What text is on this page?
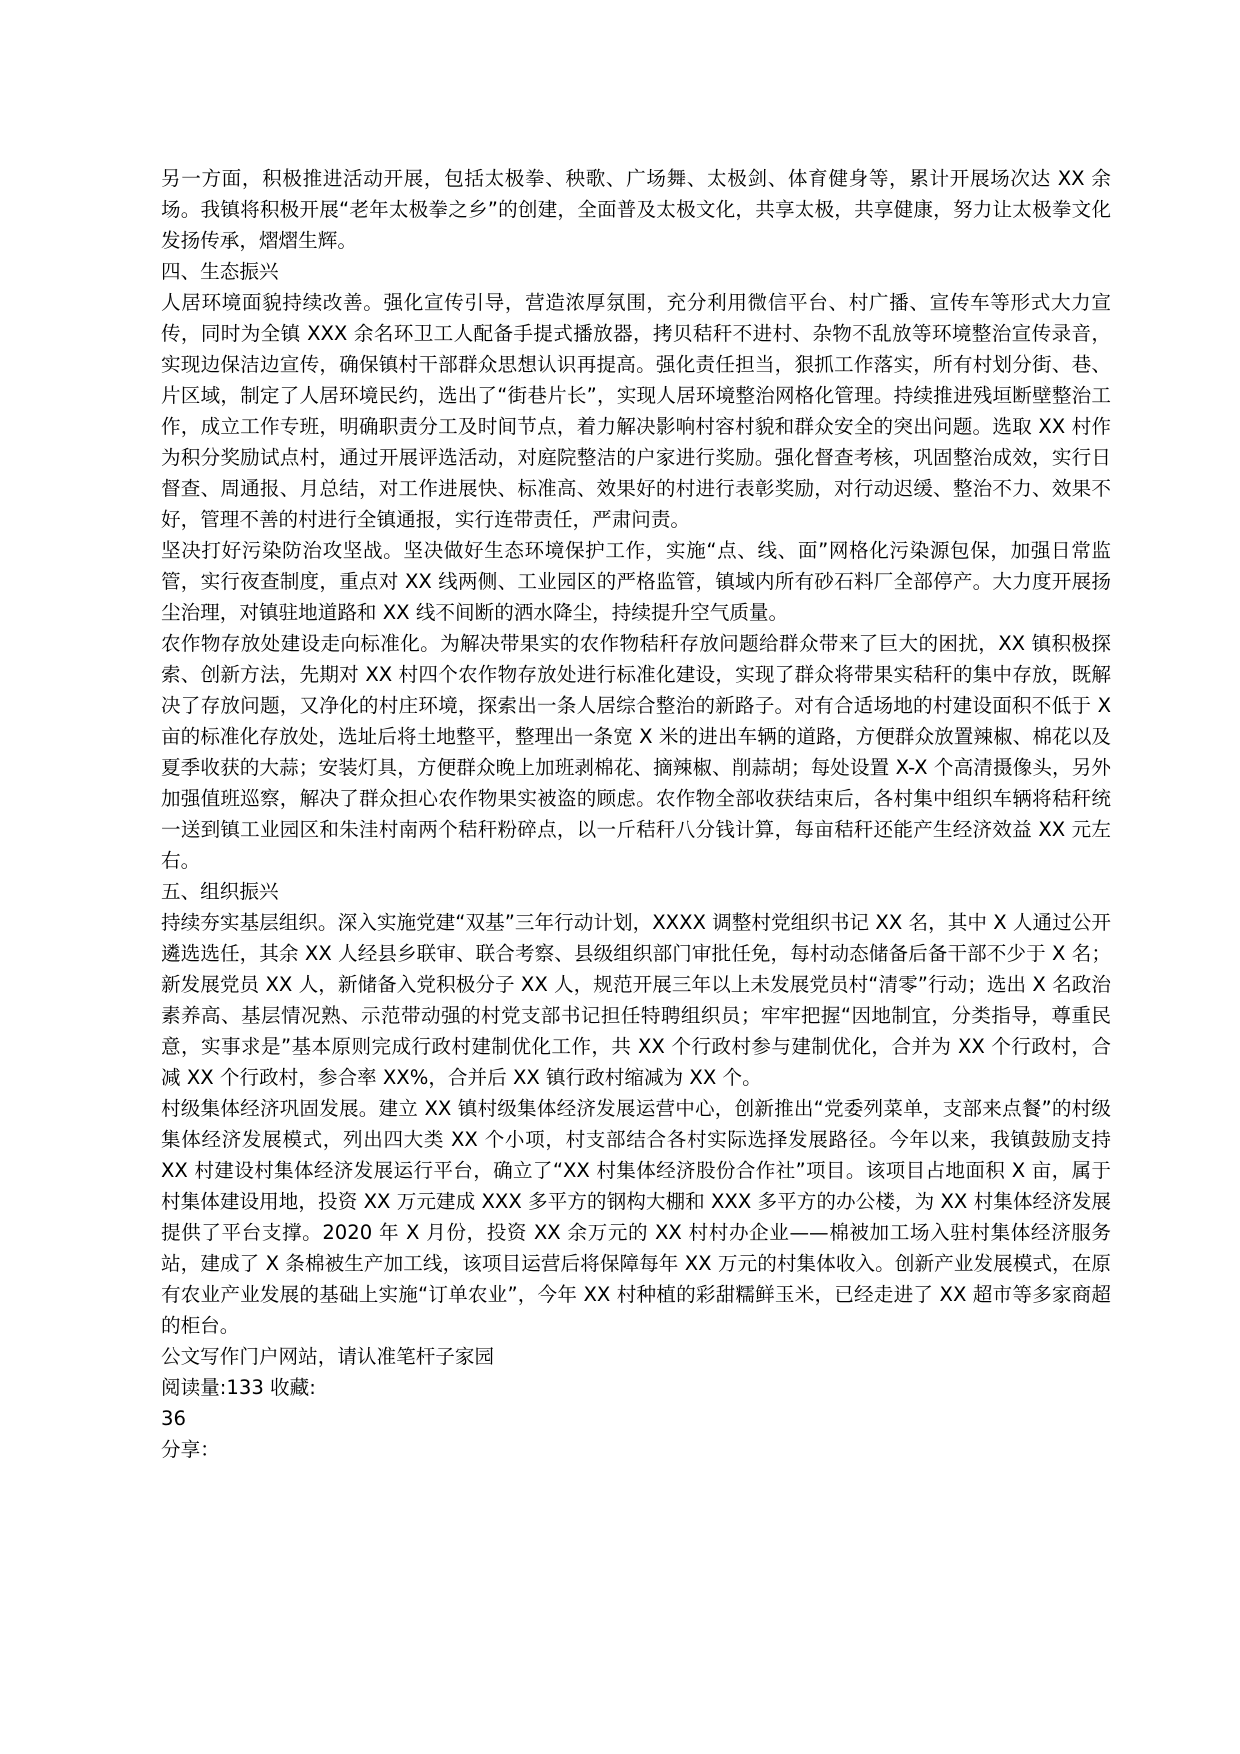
另一方面，积极推进活动开展，包括太极拳、秧歌、广场舞、太极剑、体育健身等，累计开展场次达 XX 余场。我镇将积极开展“老年太极拳之乡”的创建，全面普及太极文化，共享太极，共享健康，努力让太极拳文化发扬传承，熠熠生辉。

四、生态振兴

人居环境面貌持续改善。强化宣传引导，营造浓厚氛围，充分利用微信平台、村广播、宣传车等形式大力宣传，同时为全镇 XXX 余名环卫工人配备手提式播放器，拷贝秸秆不进村、杂物不乱放等环境整治宣传录音，实现边保洁边宣传，确保镇村干部群众思想认识再提高。强化责任担当，狠抓工作落实，所有村划分街、巷、片区域，制定了人居环境民约，选出了“街巷片长”，实现人居环境整治网格化管理。持续推进残垣断壁整治工作，成立工作专班，明确职责分工及时间节点，着力解决影响村容村貌和群众安全的突出问题。选取 XX 村作为积分奖励试点村，通过开展评选活动，对庭院整洁的户家进行奖励。强化督查考核，巩固整治成效，实行日督查、周通报、月总结，对工作进展快、标准高、效果好的村进行表彰奖励，对行动迟缓、整治不力、效果不好，管理不善的村进行全镇通报，实行连带责任，严肃问责。

坚决打好污染防治攻坚战。坚决做好生态环境保护工作，实施“点、线、面”网格化污染源包保，加强日常监管，实行夜查制度，重点对 XX 线两侧、工业园区的严格监管，镇域内所有砂石料厂全部停产。大力度开展扬尘治理，对镇驻地道路和 XX 线不间断的洒水降尘，持续提升空气质量。

农作物存放处建设走向标准化。为解决带果实的农作物秸秆存放问题给群众带来了巨大的困扰，XX 镇积极探索、创新方法，先期对 XX 村四个农作物存放处进行标准化建设，实现了群众将带果实秸秆的集中存放，既解决了存放问题，又净化的村庄环境，探索出一条人居综合整治的新路子。对有合适场地的村建设面积不低于 X 亩的标准化存放处，选址后将土地整平，整理出一条宽 X 米的进出车辆的道路，方便群众放置辣椒、棉花以及夏季收获的大蒜；安装灯具，方便群众晚上加班剥棉花、摘辣椒、削蒜胡；每处设置 X-X 个高清摄像头，另外加强值班巡察，解决了群众担心农作物果实被盗的顾虑。农作物全部收获结束后，各村集中组织车辆将秸秆统一送到镇工业园区和朱洼村南两个秸秆粉碎点，以一斤秸秆八分钱计算，每亩秸秆还能产生经济效益 XX 元左右。

五、组织振兴

持续夯实基层组织。深入实施党建“双基”三年行动计划，XXXX 调整村党组织书记 XX 名，其中 X 人通过公开遴选选任，其余 XX 人经县乡联审、联合考察、县级组织部门审批任免，每村动态储备后备干部不少于 X 名；新发展党员 XX 人，新储备入党积极分子 XX 人，规范开展三年以上未发展党员村“清零”行动；选出 X 名政治素养高、基层情况熟、示范带动强的村党支部书记担任特聘组织员；牢牢把握“因地制宜，分类指导，尊重民意，实事求是”基本原则完成行政村建制优化工作，共 XX 个行政村参与建制优化，合并为 XX 个行政村，合减 XX 个行政村，参合率 XX%，合并后 XX 镇行政村缩减为 XX 个。

村级集体经济巩固发展。建立 XX 镇村级集体经济发展运营中心，创新推出“党委列菜单，支部来点餐”的村级集体经济发展模式，列出四大类 XX 个小项，村支部结合各村实际选择发展路径。今年以来，我镇鼓励支持 XX 村建设村集体经济发展运行平台，确立了“XX 村集体经济股份合作社”项目。该项目占地面积 X 亩，属于村集体建设用地，投资 XX 万元建成 XXX 多平方的钢构大棚和 XXX 多平方的办公楼，为 XX 村集体经济发展提供了平台支撑。2020 年 X 月份，投资 XX 余万元的 XX 村村办企业——棉被加工场入驻村集体经济服务站，建成了 X 条棉被生产加工线，该项目运营后将保障每年 XX 万元的村集体收入。创新产业发展模式，在原有农业产业发展的基础上实施“订单农业”，今年 XX 村种植的彩甜糯鲜玉米，已经走进了 XX 超市等多家商超的柜台。

公文写作门户网站，请认准笔杆子家园

阅读量:133 收藏:

36

分享：
